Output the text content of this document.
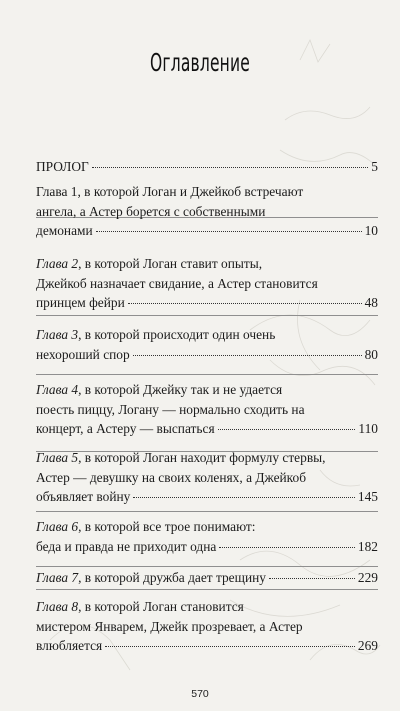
Оглавление
ПРОЛОГ	5
Глава 1, в которой Логан и Джейкоб встречают
ангела, а Астер борется с собственными
демонами	10
Глава 2, в которой Логан ставит опыты,
Джейкоб назначает свидание, а Астер становится
принцем фейри	48
Глава 3, в которой происходит один очень
нехороший спор	80
Глава 4, в которой Джейку так и не удается
поесть пиццу, Логану — нормально сходить на
концерт, а Астеру — выспаться	110
Глава 5, в которой Логан находит формулу стервы,
Астер — девушку на своих коленях, а Джейкоб
объявляет войну	145
Глава 6, в которой все трое понимают:
беда и правда не приходит одна	182
Глава 7, в которой дружба дает трещину	229
Глава 8, в которой Логан становится
мистером Январем, Джейк прозревает, а Астер
влюбляется	269
570
